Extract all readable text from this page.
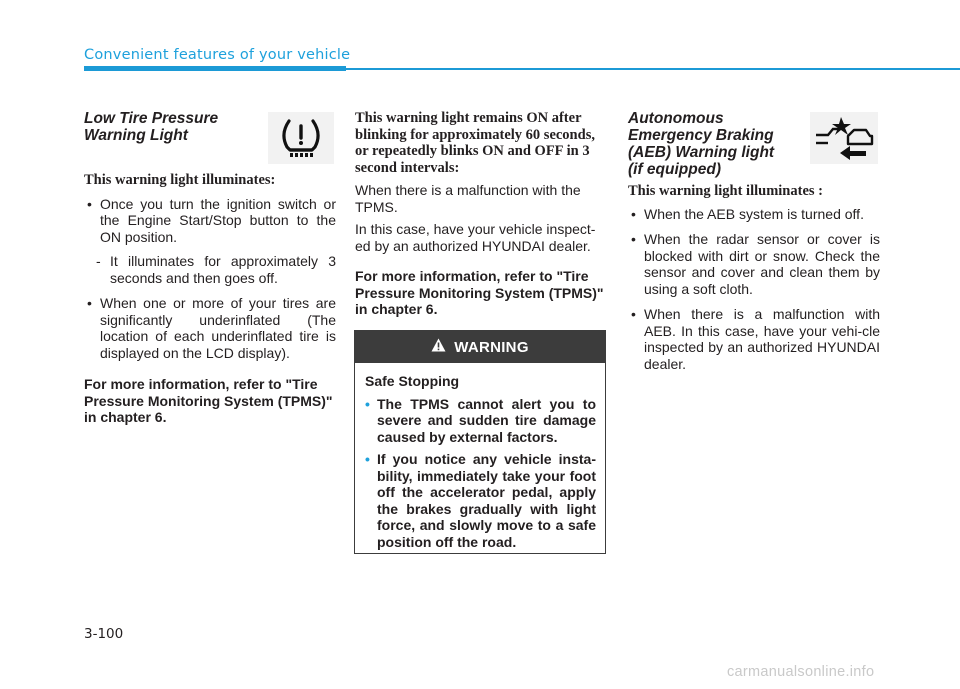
Convenient features of your vehicle

Low Tire Pressure
Warning Light

This warning light illuminates:

• Once you turn the ignition switch or the Engine Start/Stop button to the ON position.
- It illuminates for approximately 3 seconds and then goes off.
• When one or more of your tires are significantly underinflated (The location of each underinflated tire is displayed on the LCD display).

For more information, refer to "Tire Pressure Monitoring System (TPMS)" in chapter 6.

This warning light remains ON after blinking for approximately 60 seconds, or repeatedly blinks ON and OFF in 3 second intervals:

When there is a malfunction with the TPMS.

In this case, have your vehicle inspect-ed by an authorized HYUNDAI dealer.

For more information, refer to "Tire Pressure Monitoring System (TPMS)" in chapter 6.

WARNING

Safe Stopping

• The TPMS cannot alert you to severe and sudden tire damage caused by external factors.
• If you notice any vehicle insta-bility, immediately take your foot off the accelerator pedal, apply the brakes gradually with light force, and slowly move to a safe position off the road.

Autonomous
Emergency Braking
(AEB) Warning light
(if equipped)

This warning light illuminates :

• When the AEB system is turned off.
• When the radar sensor or cover is blocked with dirt or snow. Check the sensor and cover and clean them by using a soft cloth.
• When there is a malfunction with AEB. In this case, have your vehi-cle inspected by an authorized HYUNDAI dealer.
3-100
carmanualsonline.info
